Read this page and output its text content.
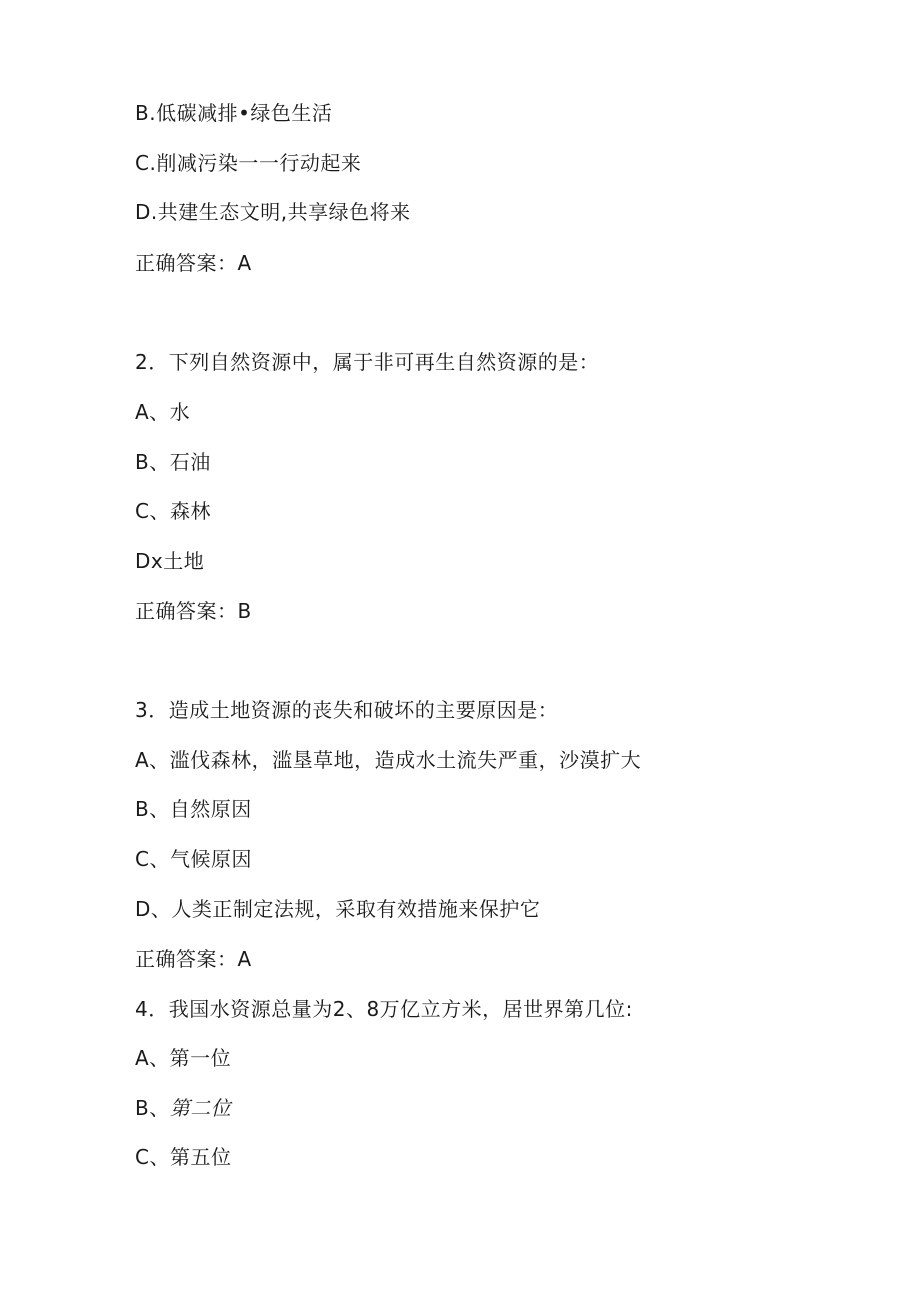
B.低碳减排•绿色生活
C.削减污染一一行动起来
D.共建生态文明,共享绿色将来
正确答案：A
2．下列自然资源中，属于非可再生自然资源的是：
A、水
B、石油
C、森林
Dx土地
正确答案：B
3．造成土地资源的丧失和破坏的主要原因是：
A、滥伐森林，滥垦草地，造成水土流失严重，沙漠扩大
B、自然原因
C、气候原因
D、人类正制定法规，采取有效措施来保护它
正确答案：A
4．我国水资源总量为2、8万亿立方米，居世界第几位:
A、第一位
B、第二位
C、第五位
